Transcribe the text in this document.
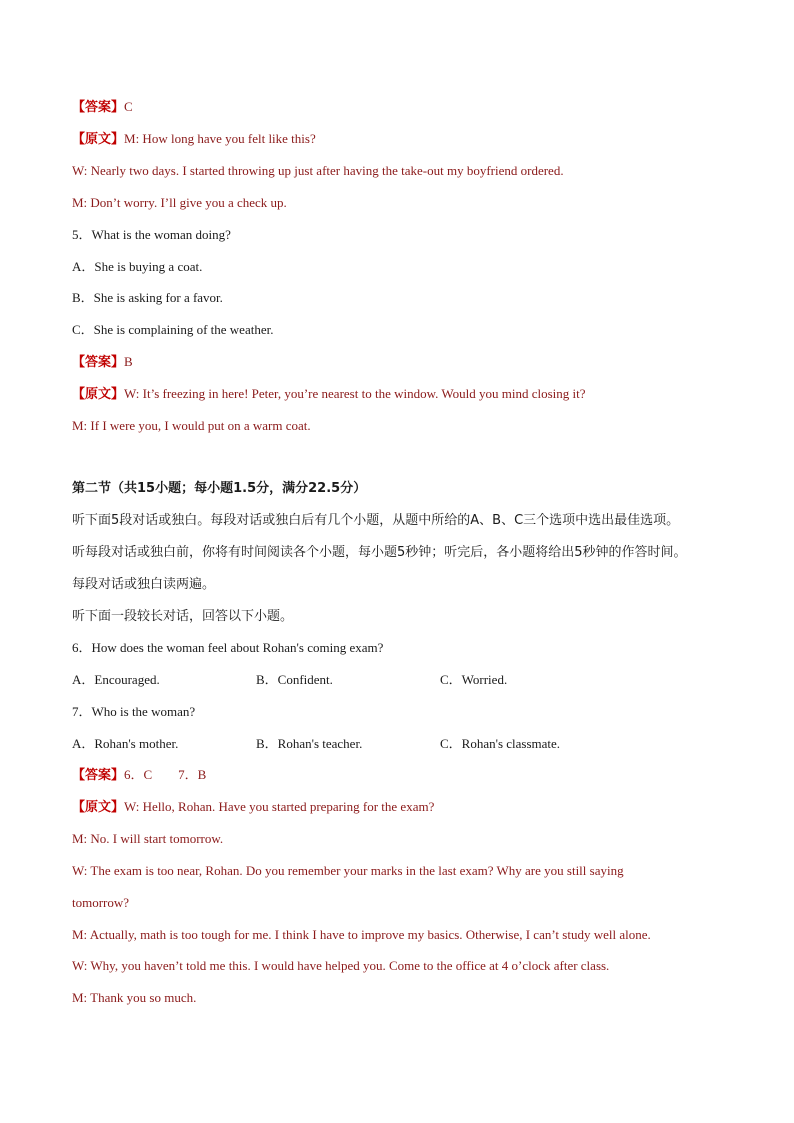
【答案】C
【原文】M: How long have you felt like this?
W: Nearly two days. I started throwing up just after having the take-out my boyfriend ordered.
M: Don’t worry. I’ll give you a check up.
5．What is the woman doing?
A．She is buying a coat.
B．She is asking for a favor.
C．She is complaining of the weather.
【答案】B
【原文】W: It’s freezing in here! Peter, you’re nearest to the window. Would you mind closing it?
M: If I were you, I would put on a warm coat.
第二节（共15小题；每小题1.5分，满分22.5分）
听下面5段对话或独白。每段对话或独白后有几个小题，从题中所给的A、B、C三个选项中选出最佳选项。
听每段对话或独白前，你将有时间阅读各个小题，每小题5秒钟；听完后，各小题将给出5秒钟的作答时间。
每段对话或独白读两遍。
听下面一段较长对话，回答以下小题。
6．How does the woman feel about Rohan's coming exam?
A．Encouraged.	B．Confident.	C．Worried.
7．Who is the woman?
A．Rohan's mother.	B．Rohan's teacher.	C．Rohan's classmate.
【答案】6．C        7．B
【原文】W: Hello, Rohan. Have you started preparing for the exam?
M: No. I will start tomorrow.
W: The exam is too near, Rohan. Do you remember your marks in the last exam? Why are you still saying
tomorrow?
M: Actually, math is too tough for me. I think I have to improve my basics. Otherwise, I can’t study well alone.
W: Why, you haven’t told me this. I would have helped you. Come to the office at 4 o’clock after class.
M: Thank you so much.
